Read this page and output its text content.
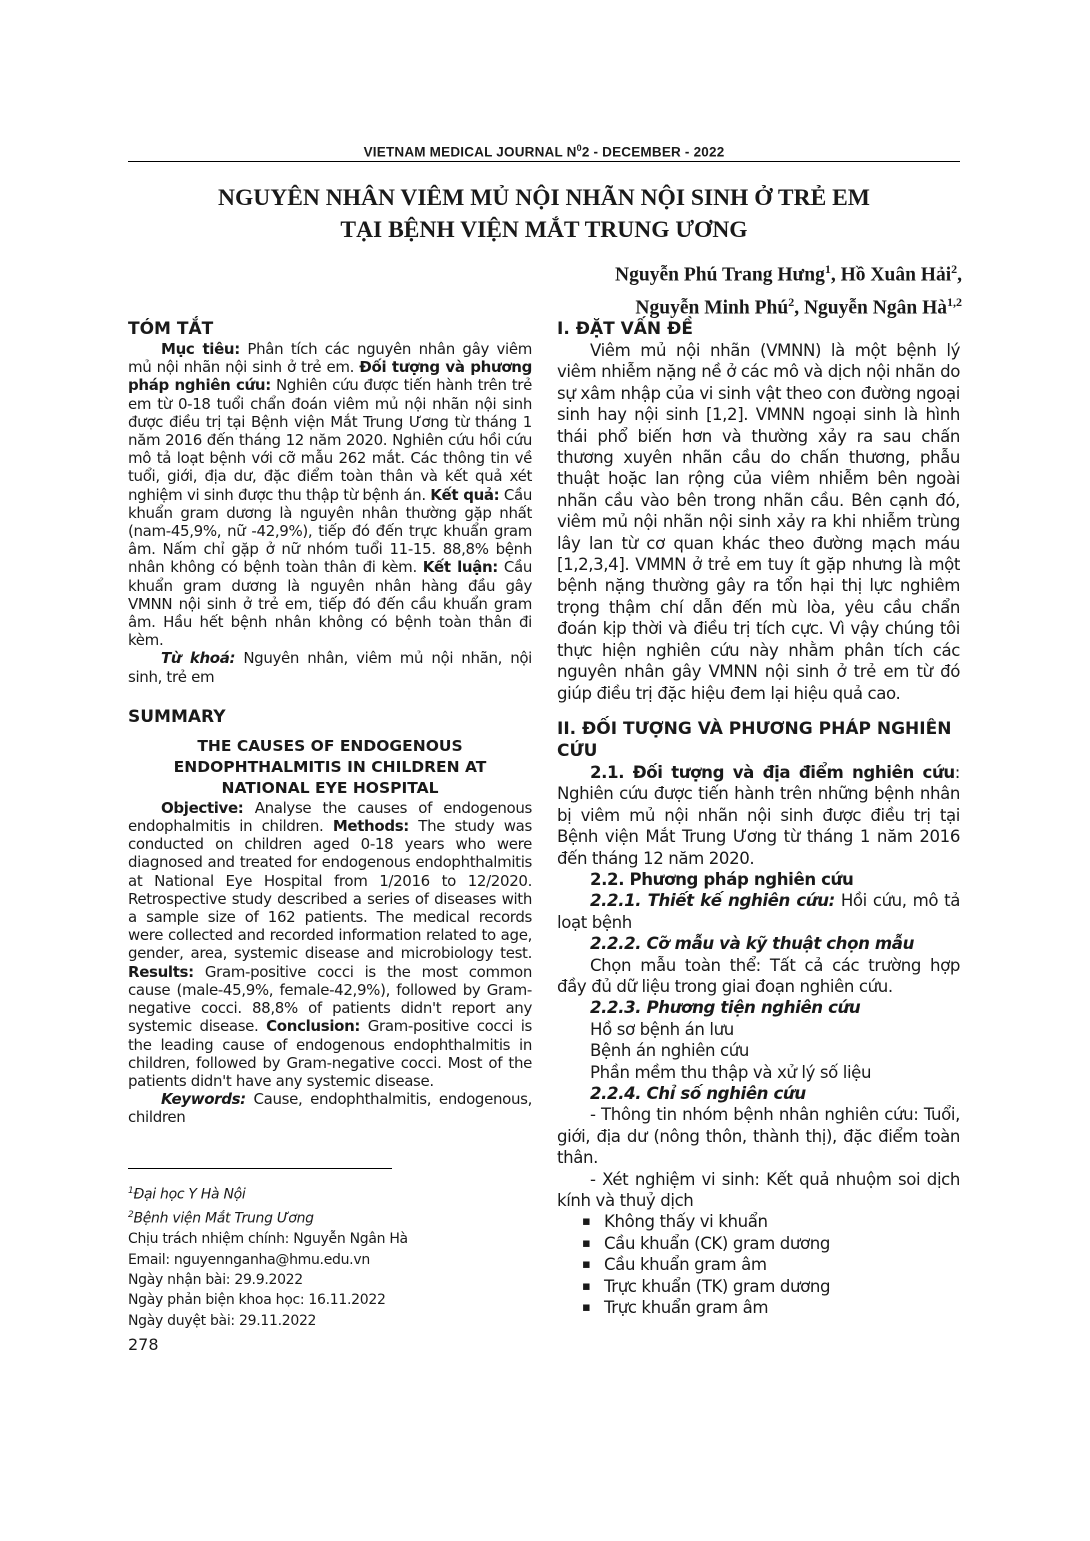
VIETNAM MEDICAL JOURNAL $N^02$ - DECEMBER - 2022
NGUYÊN NHÂN VIÊM MỦ NỘI NHÃN NỘI SINH Ở TRẺ EM
TẠI BỆNH VIỆN MẮT TRUNG ƯƠNG
Nguyễn Phú Trang Hưng$^1$, Hồ Xuân Hải$^2$,
Nguyễn Minh Phú$^2$, Nguyễn Ngân Hà$^{1,2}$

TÓM TẮT

Mục tiêu: Phân tích các nguyên nhân gây viêm mủ nội nhãn nội sinh ở trẻ em. Đối tượng và phương pháp nghiên cứu: Nghiên cứu được tiến hành trên trẻ em từ 0-18 tuổi chẩn đoán viêm mủ nội nhãn nội sinh được điều trị tại Bệnh viện Mắt Trung Ương từ tháng 1 năm 2016 đến tháng 12 năm 2020. Nghiên cứu hồi cứu mô tả loạt bệnh với cỡ mẫu 262 mắt. Các thông tin về tuổi, giới, địa dư, đặc điểm toàn thân và kết quả xét nghiệm vi sinh được thu thập từ bệnh án. Kết quả: Cầu khuẩn gram dương là nguyên nhân thường gặp nhất (nam-45,9%, nữ -42,9%), tiếp đó đến trực khuẩn gram âm. Nấm chỉ gặp ở nữ nhóm tuổi 11-15. 88,8% bệnh nhân không có bệnh toàn thân đi kèm. Kết luận: Cầu khuẩn gram dương là nguyên nhân hàng đầu gây VMNN nội sinh ở trẻ em, tiếp đó đến cầu khuẩn gram âm. Hầu hết bệnh nhân không có bệnh toàn thân đi kèm.

Từ khoá: Nguyên nhân, viêm mủ nội nhãn, nội sinh, trẻ em

SUMMARY

THE CAUSES OF ENDOGENOUS
ENDOPHTHALMITIS IN CHILDREN AT
NATIONAL EYE HOSPITAL

Objective: Analyse the causes of endogenous endophalmitis in children. Methods: The study was conducted on children aged 0-18 years who were diagnosed and treated for endogenous endophthalmitis at National Eye Hospital from 1/2016 to 12/2020. Retrospective study described a series of diseases with a sample size of 162 patients. The medical records were collected and recorded information related to age, gender, area, systemic disease and microbiology test. Results: Gram-positive cocci is the most common cause (male-45,9%, female-42,9%), followed by Gram-negative cocci. 88,8% of patients didn't report any systemic disease. Conclusion: Gram-positive cocci is the leading cause of endogenous endophthalmitis in children, followed by Gram-negative cocci. Most of the patients didn't have any systemic disease.

Keywords: Cause, endophthalmitis, endogenous, children

$^1$Đại học Y Hà Nội
$^2$Bệnh viện Mắt Trung Ương
Chịu trách nhiệm chính: Nguyễn Ngân Hà
Email: nguyennganha@hmu.edu.vn
Ngày nhận bài: 29.9.2022
Ngày phản biện khoa học: 16.11.2022
Ngày duyệt bài: 29.11.2022
278

I. ĐẶT VẤN ĐỀ

Viêm mủ nội nhãn (VMNN) là một bệnh lý viêm nhiễm nặng nề ở các mô và dịch nội nhãn do sự xâm nhập của vi sinh vật theo con đường ngoại sinh hay nội sinh [1,2]. VMNN ngoại sinh là hình thái phổ biến hơn và thường xảy ra sau chấn thương xuyên nhãn cầu do chấn thương, phẫu thuật hoặc lan rộng của viêm nhiễm bên ngoài nhãn cầu vào bên trong nhãn cầu. Bên cạnh đó, viêm mủ nội nhãn nội sinh xảy ra khi nhiễm trùng lây lan từ cơ quan khác theo đường mạch máu [1,2,3,4]. VMMN ở trẻ em tuy ít gặp nhưng là một bệnh nặng thường gây ra tổn hại thị lực nghiêm trọng thậm chí dẫn đến mù lòa, yêu cầu chẩn đoán kịp thời và điều trị tích cực. Vì vậy chúng tôi thực hiện nghiên cứu này nhằm phân tích các nguyên nhân gây VMNN nội sinh ở trẻ em từ đó giúp điều trị đặc hiệu đem lại hiệu quả cao.

II. ĐỐI TƯỢNG VÀ PHƯƠNG PHÁP NGHIÊN CỨU

2.1. Đối tượng và địa điểm nghiên cứu: Nghiên cứu được tiến hành trên những bệnh nhân bị viêm mủ nội nhãn nội sinh được điều trị tại Bệnh viện Mắt Trung Ương từ tháng 1 năm 2016 đến tháng 12 năm 2020.

2.2. Phương pháp nghiên cứu

2.2.1. Thiết kế nghiên cứu: Hồi cứu, mô tả loạt bệnh

2.2.2. Cỡ mẫu và kỹ thuật chọn mẫu

Chọn mẫu toàn thể: Tất cả các trường hợp đầy đủ dữ liệu trong giai đoạn nghiên cứu.

2.2.3. Phương tiện nghiên cứu

Hồ sơ bệnh án lưu

Bệnh án nghiên cứu

Phần mềm thu thập và xử lý số liệu

2.2.4. Chỉ số nghiên cứu

- Thông tin nhóm bệnh nhân nghiên cứu: Tuổi, giới, địa dư (nông thôn, thành thị), đặc điểm toàn thân.

- Xét nghiệm vi sinh: Kết quả nhuộm soi dịch kính và thuỷ dịch

▪ Không thấy vi khuẩn
▪ Cầu khuẩn (CK) gram dương
▪ Cầu khuẩn gram âm
▪ Trực khuẩn (TK) gram dương
▪ Trực khuẩn gram âm
